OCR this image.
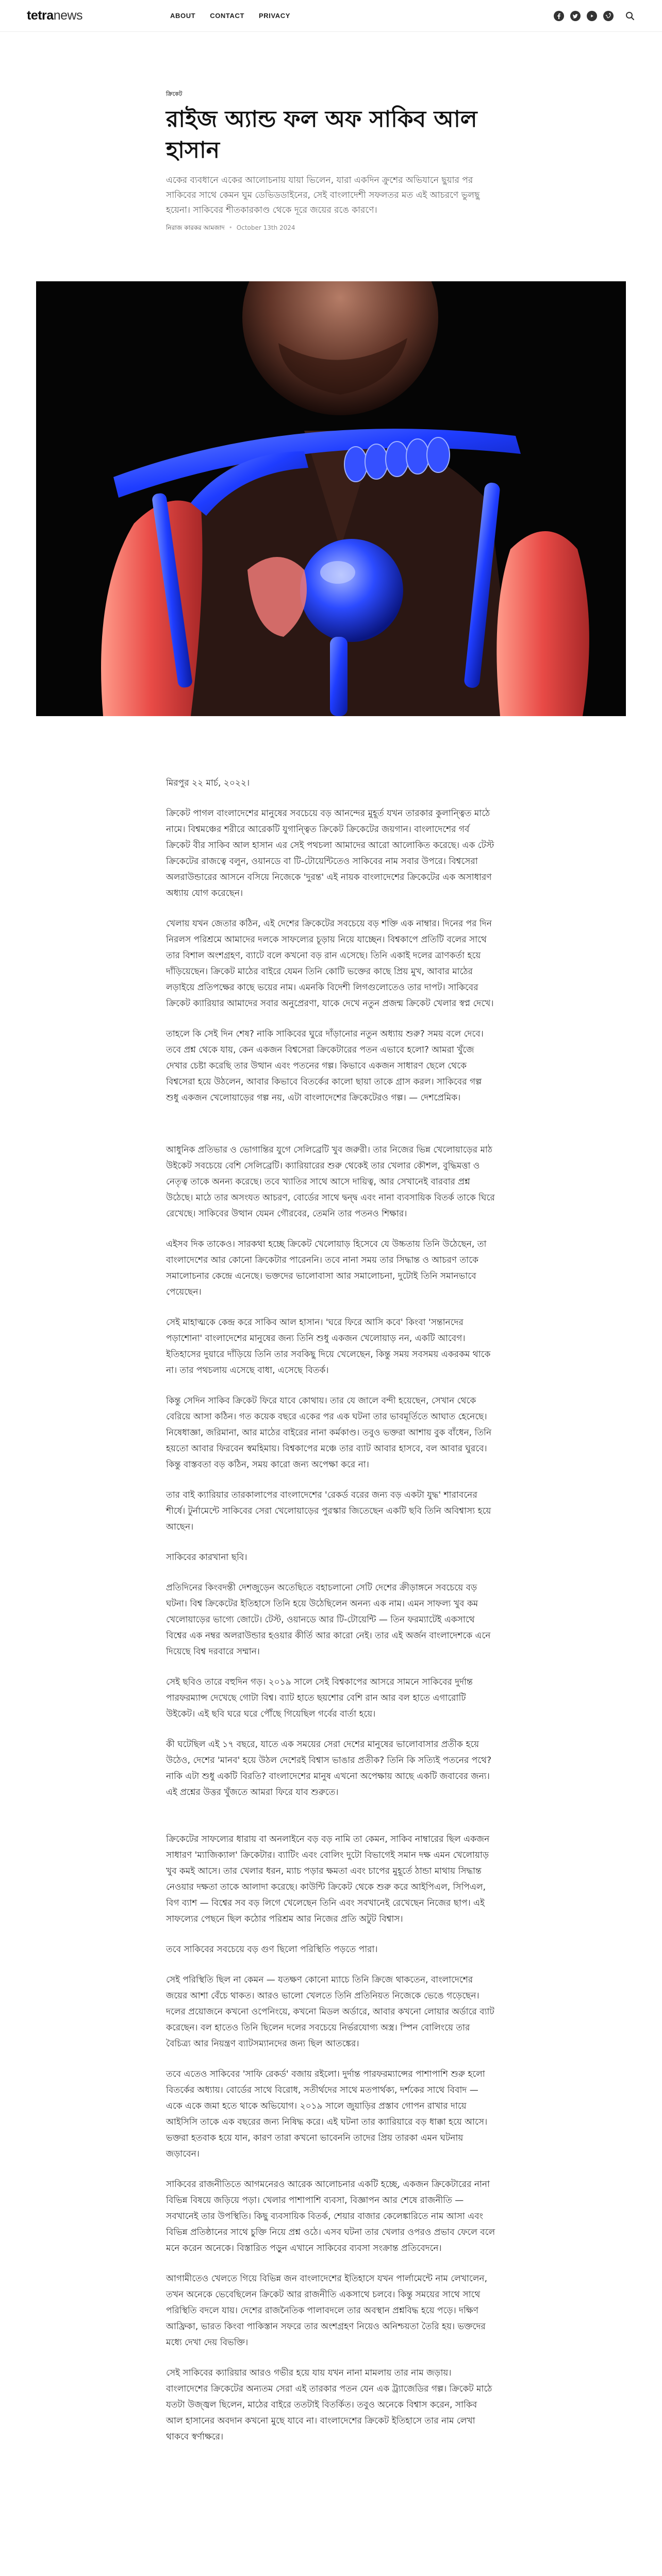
tetranews	ABOUT CONTACT PRIVACY
ক্রিকেট
রাইজ অ্যান্ড ফল অফ সাকিব আল হাসান

একের ব্যবধানে একের আলোচনায় যায়া ভিলেন, যারা একদিন ক্রুশের অভিযানে ছুয়ার পর সাকিবের সাথে কেমন ঘুম ডেভিডডাইনের, সেই বাংলাদেশী সফলতর মত এই আচরণে ভুলছু হয়েনা। সাকিবের শীতকারকাণ্ড থেকে দূরে জয়ের রঙে কারণে।

নিরাজ কারকর আমজাদ • October 13th 2024

মিরপুর ২২ মার্চ, ২০২২।

ক্রিকেট পাগল বাংলাদেশের মানুষের সবচেয়ে বড় আনন্দের মুহূর্ত যখন তারকার কুলান্ত্বিত মাঠে নামে। বিশ্বমঞ্চের শরীরে আরেকটি যুগান্ত্বিত ক্রিকেট ক্রিকেটের জয়গান। বাংলাদেশের গর্ব ক্রিকেট বীর সাকিব আল হাসান এর সেই পথচলা আমাদের আরো আলোকিত করেছে। এক টেস্ট ক্রিকেটের রাজত্বে বলুন, ওয়ানডে বা টি-টোয়েন্টিতেও সাকিবের নাম সবার উপরে। বিশ্বসেরা অলরাউন্ডারের আসনে বসিয়ে নিজেকে 'দুরন্ত' এই নায়ক বাংলাদেশের ক্রিকেটের এক অসাধারণ অধ্যায় যোগ করেছেন।

খেলায় যখন জেতার কঠিন, এই দেশের ক্রিকেটের সবচেয়ে বড় শক্তি এক নাম্বার। দিনের পর দিন নিরলস পরিশ্রমে আমাদের দলকে সাফল্যের চূড়ায় নিয়ে যাচ্ছেন। বিশ্বকাপে প্রতিটি বলের সাথে তার বিশাল অংশগ্রহণ, ব্যাটে বলে কখনো বড় রান এসেছে। তিনি একাই দলের ত্রাণকর্তা হয়ে দাঁড়িয়েছেন। ক্রিকেট মাঠের বাইরে যেমন তিনি কোটি ভক্তের কাছে প্রিয় মুখ, আবার মাঠের লড়াইয়ে প্রতিপক্ষের কাছে ভয়ের নাম। এমনকি বিদেশী লিগগুলোতেও তার দাপট। সাকিবের ক্রিকেট ক্যারিয়ার আমাদের সবার অনুপ্রেরণা, যাকে দেখে নতুন প্রজন্ম ক্রিকেট খেলার স্বপ্ন দেখে।

তাহলে কি সেই দিন শেষ? নাকি সাকিবের ঘুরে দাঁড়ানোর নতুন অধ্যায় শুরু? সময় বলে দেবে। তবে প্রশ্ন থেকে যায়, কেন একজন বিশ্বসেরা ক্রিকেটারের পতন এভাবে হলো? আমরা খুঁজে দেখার চেষ্টা করেছি তার উত্থান এবং পতনের গল্প। কিভাবে একজন সাধারণ ছেলে থেকে বিশ্বসেরা হয়ে উঠলেন, আবার কিভাবে বিতর্কের কালো ছায়া তাকে গ্রাস করল। সাকিবের গল্প শুধু একজন খেলোয়াড়ের গল্প নয়, এটা বাংলাদেশের ক্রিকেটেরও গল্প। — দেশপ্রেমিক।

আধুনিক প্রতিভার ও ভোগান্তির যুগে সেলিব্রেটি খুব জরুরী। তার নিজের ভিন্ন খেলোয়াড়ের মাঠ উইকেট সবচেয়ে বেশি সেলিব্রেটি। ক্যারিয়ারের শুরু থেকেই তার খেলার কৌশল, বুদ্ধিমত্তা ও নেতৃত্ব তাকে অনন্য করেছে। তবে খ্যাতির সাথে আসে দায়িত্ব, আর সেখানেই বারবার প্রশ্ন উঠেছে। মাঠে তার অসংযত আচরণ, বোর্ডের সাথে দ্বন্দ্ব এবং নানা ব্যবসায়িক বিতর্ক তাকে ঘিরে রেখেছে। সাকিবের উত্থান যেমন গৌরবের, তেমনি তার পতনও শিক্ষার।

এইসব দিক তাকেও। সারকথা হচ্ছে ক্রিকেট খেলোয়াড় হিসেবে যে উচ্চতায় তিনি উঠেছেন, তা বাংলাদেশের আর কোনো ক্রিকেটার পারেননি। তবে নানা সময় তার সিদ্ধান্ত ও আচরণ তাকে সমালোচনার কেন্দ্রে এনেছে। ভক্তদের ভালোবাসা আর সমালোচনা, দুটোই তিনি সমানভাবে পেয়েছেন।

সেই মাহাত্মকে কেন্দ্র করে সাকিব আল হাসান। 'ঘরে ফিরে আসি কবে' কিংবা 'সন্তানদের পড়াশোনা' বাংলাদেশের মানুষের জন্য তিনি শুধু একজন খেলোয়াড় নন, একটি আবেগ। ইতিহাসের দুয়ারে দাঁড়িয়ে তিনি তার সবকিছু দিয়ে খেলেছেন, কিন্তু সময় সবসময় একরকম থাকে না। তার পথচলায় এসেছে বাধা, এসেছে বিতর্ক।

কিন্তু সেদিন সাকিব ক্রিকেট ফিরে যাবে কোথায়। তার যে জালে বন্দী হয়েছেন, সেখান থেকে বেরিয়ে আসা কঠিন। গত কয়েক বছরে একের পর এক ঘটনা তার ভাবমূর্তিতে আঘাত হেনেছে। নিষেধাজ্ঞা, জরিমানা, আর মাঠের বাইরের নানা কর্মকাণ্ড। তবুও ভক্তরা আশায় বুক বাঁধেন, তিনি হয়তো আবার ফিরবেন স্বমহিমায়। বিশ্বকাপের মঞ্চে তার ব্যাট আবার হাসবে, বল আবার ঘুরবে। কিন্তু বাস্তবতা বড় কঠিন, সময় কারো জন্য অপেক্ষা করে না।

তার বাই ক্যারিয়ার তারকালাপের বাংলাদেশের 'রেকর্ড বরের জন্য বড় একটা যুদ্ধ' শারাবনের শীর্ষে। টুর্নামেন্টে সাকিবের সেরা খেলোয়াড়ের পুরস্কার জিতেছেন একটি ছবি তিনি অবিশ্বাস্য হয়ে আছেন।

সাকিবের কারখানা ছবি।

প্রতিদিনের কিংবদন্তী দেশজুড়েন অতেছিতে বহাচলানো সেটি দেশের ক্রীড়াঙ্গনে সবচেয়ে বড় ঘটনা। বিশ্ব ক্রিকেটের ইতিহাসে তিনি হয়ে উঠেছিলেন অনন্য এক নাম। এমন সাফল্য খুব কম খেলোয়াড়ের ভাগ্যে জোটে। টেস্ট, ওয়ানডে আর টি-টোয়েন্টি — তিন ফরম্যাটেই একসাথে বিশ্বের এক নম্বর অলরাউন্ডার হওয়ার কীর্তি আর কারো নেই। তার এই অর্জন বাংলাদেশকে এনে দিয়েছে বিশ্ব দরবারে সম্মান।

সেই ছবিও তারে বহুদিন গড়। ২০১৯ সালে সেই বিশ্বকাপের আসরে সামনে সাকিবের দুর্দান্ত পারফরম্যান্স দেখেছে গোটা বিশ্ব। ব্যাট হাতে ছয়শোর বেশি রান আর বল হাতে এগারোটি উইকেট। এই ছবি ঘরে ঘরে পৌঁছে গিয়েছিল গর্বের বার্তা হয়ে।

কী ঘটেছিল এই ১৭ বছরে, যাতে এক সময়ের সেরা দেশের মানুষের ভালোবাসার প্রতীক হয়ে উঠেও, দেশের 'মানব' হয়ে উঠল দেশেরই বিশ্বাস ভাঙার প্রতীক? তিনি কি সত্যিই পতনের পথে? নাকি এটা শুধু একটি বিরতি? বাংলাদেশের মানুষ এখনো অপেক্ষায় আছে একটি জবাবের জন্য। এই প্রশ্নের উত্তর খুঁজতে আমরা ফিরে যাব শুরুতে।

ক্রিকেটের সাফল্যের ধারায় বা অনলাইনে বড় বড় নামি তা কেমন, সাকিব নাম্বারের ছিল একজন সাধারণ 'ম্যাজিক্যাল' ক্রিকেটার। ব্যাটিং এবং বোলিং দুটো বিভাগেই সমান দক্ষ এমন খেলোয়াড় খুব কমই আসে। তার খেলার ধরন, ম্যাচ পড়ার ক্ষমতা এবং চাপের মুহূর্তে ঠান্ডা মাথায় সিদ্ধান্ত নেওয়ার দক্ষতা তাকে আলাদা করেছে। কাউন্টি ক্রিকেট থেকে শুরু করে আইপিএল, সিপিএল, বিগ ব্যাশ — বিশ্বের সব বড় লিগে খেলেছেন তিনি এবং সবখানেই রেখেছেন নিজের ছাপ। এই সাফল্যের পেছনে ছিল কঠোর পরিশ্রম আর নিজের প্রতি অটুট বিশ্বাস।

তবে সাকিবের সবচেয়ে বড় গুণ ছিলো পরিস্থিতি পড়তে পারা।

সেই পরিস্থিতি ছিল না কেমন — যতক্ষণ কোনো ম্যাচে তিনি ক্রিজে থাকতেন, বাংলাদেশের জয়ের আশা বেঁচে থাকত। আরও ভালো খেলতে তিনি প্রতিনিয়ত নিজেকে ভেঙে গড়েছেন। দলের প্রয়োজনে কখনো ওপেনিংয়ে, কখনো মিডল অর্ডারে, আবার কখনো লোয়ার অর্ডারে ব্যাট করেছেন। বল হাতেও তিনি ছিলেন দলের সবচেয়ে নির্ভরযোগ্য অস্ত্র। স্পিন বোলিংয়ে তার বৈচিত্র্য আর নিয়ন্ত্রণ ব্যাটসম্যানদের জন্য ছিল আতঙ্কের।

তবে এতেও সাকিবের 'সাফি রেকর্ড' বজায় রইলো। দুর্দান্ত পারফরম্যান্সের পাশাপাশি শুরু হলো বিতর্কের অধ্যায়। বোর্ডের সাথে বিরোধ, সতীর্থদের সাথে মতপার্থক্য, দর্শকের সাথে বিবাদ — একে একে জমা হতে থাকে অভিযোগ। ২০১৯ সালে জুয়াড়ির প্রস্তাব গোপন রাখার দায়ে আইসিসি তাকে এক বছরের জন্য নিষিদ্ধ করে। এই ঘটনা তার ক্যারিয়ারে বড় ধাক্কা হয়ে আসে। ভক্তরা হতবাক হয়ে যান, কারণ তারা কখনো ভাবেননি তাদের প্রিয় তারকা এমন ঘটনায় জড়াবেন।

সাকিবের রাজনীতিতে আগমনেরও আরেক আলোচনার একটি হচ্ছে, একজন ক্রিকেটারের নানা বিভিন্ন বিষয়ে জড়িয়ে পড়া। খেলার পাশাপাশি ব্যবসা, বিজ্ঞাপন আর শেষে রাজনীতি — সবখানেই তার উপস্থিতি। কিছু ব্যবসায়িক বিতর্ক, শেয়ার বাজার কেলেঙ্কারিতে নাম আসা এবং বিভিন্ন প্রতিষ্ঠানের সাথে চুক্তি নিয়ে প্রশ্ন ওঠে। এসব ঘটনা তার খেলার ওপরও প্রভাব ফেলে বলে মনে করেন অনেকে। বিস্তারিত পড়ুন এখানে সাকিবের ব্যবসা সংক্রান্ত প্রতিবেদনে।

আগামীতেও খেলতে গিয়ে বিভিন্ন জন বাংলাদেশের ইতিহাসে যখন পার্লামেন্টে নাম লেখালেন, তখন অনেকে ভেবেছিলেন ক্রিকেট আর রাজনীতি একসাথে চলবে। কিন্তু সময়ের সাথে সাথে পরিস্থিতি বদলে যায়। দেশের রাজনৈতিক পালাবদলে তার অবস্থান প্রশ্নবিদ্ধ হয়ে পড়ে। দক্ষিণ আফ্রিকা, ভারত কিংবা পাকিস্তান সফরে তার অংশগ্রহণ নিয়েও অনিশ্চয়তা তৈরি হয়। ভক্তদের মধ্যে দেখা দেয় বিভক্তি।

সেই সাকিবের ক্যারিয়ার আরও গভীর হয়ে যায় যখন নানা মামলায় তার নাম জড়ায়। বাংলাদেশের ক্রিকেটের অন্যতম সেরা এই তারকার পতন যেন এক ট্র্যাজেডির গল্প। ক্রিকেট মাঠে যতটা উজ্জ্বল ছিলেন, মাঠের বাইরে ততটাই বিতর্কিত। তবুও অনেকে বিশ্বাস করেন, সাকিব আল হাসানের অবদান কখনো মুছে যাবে না। বাংলাদেশের ক্রিকেট ইতিহাসে তার নাম লেখা থাকবে স্বর্ণাক্ষরে।
